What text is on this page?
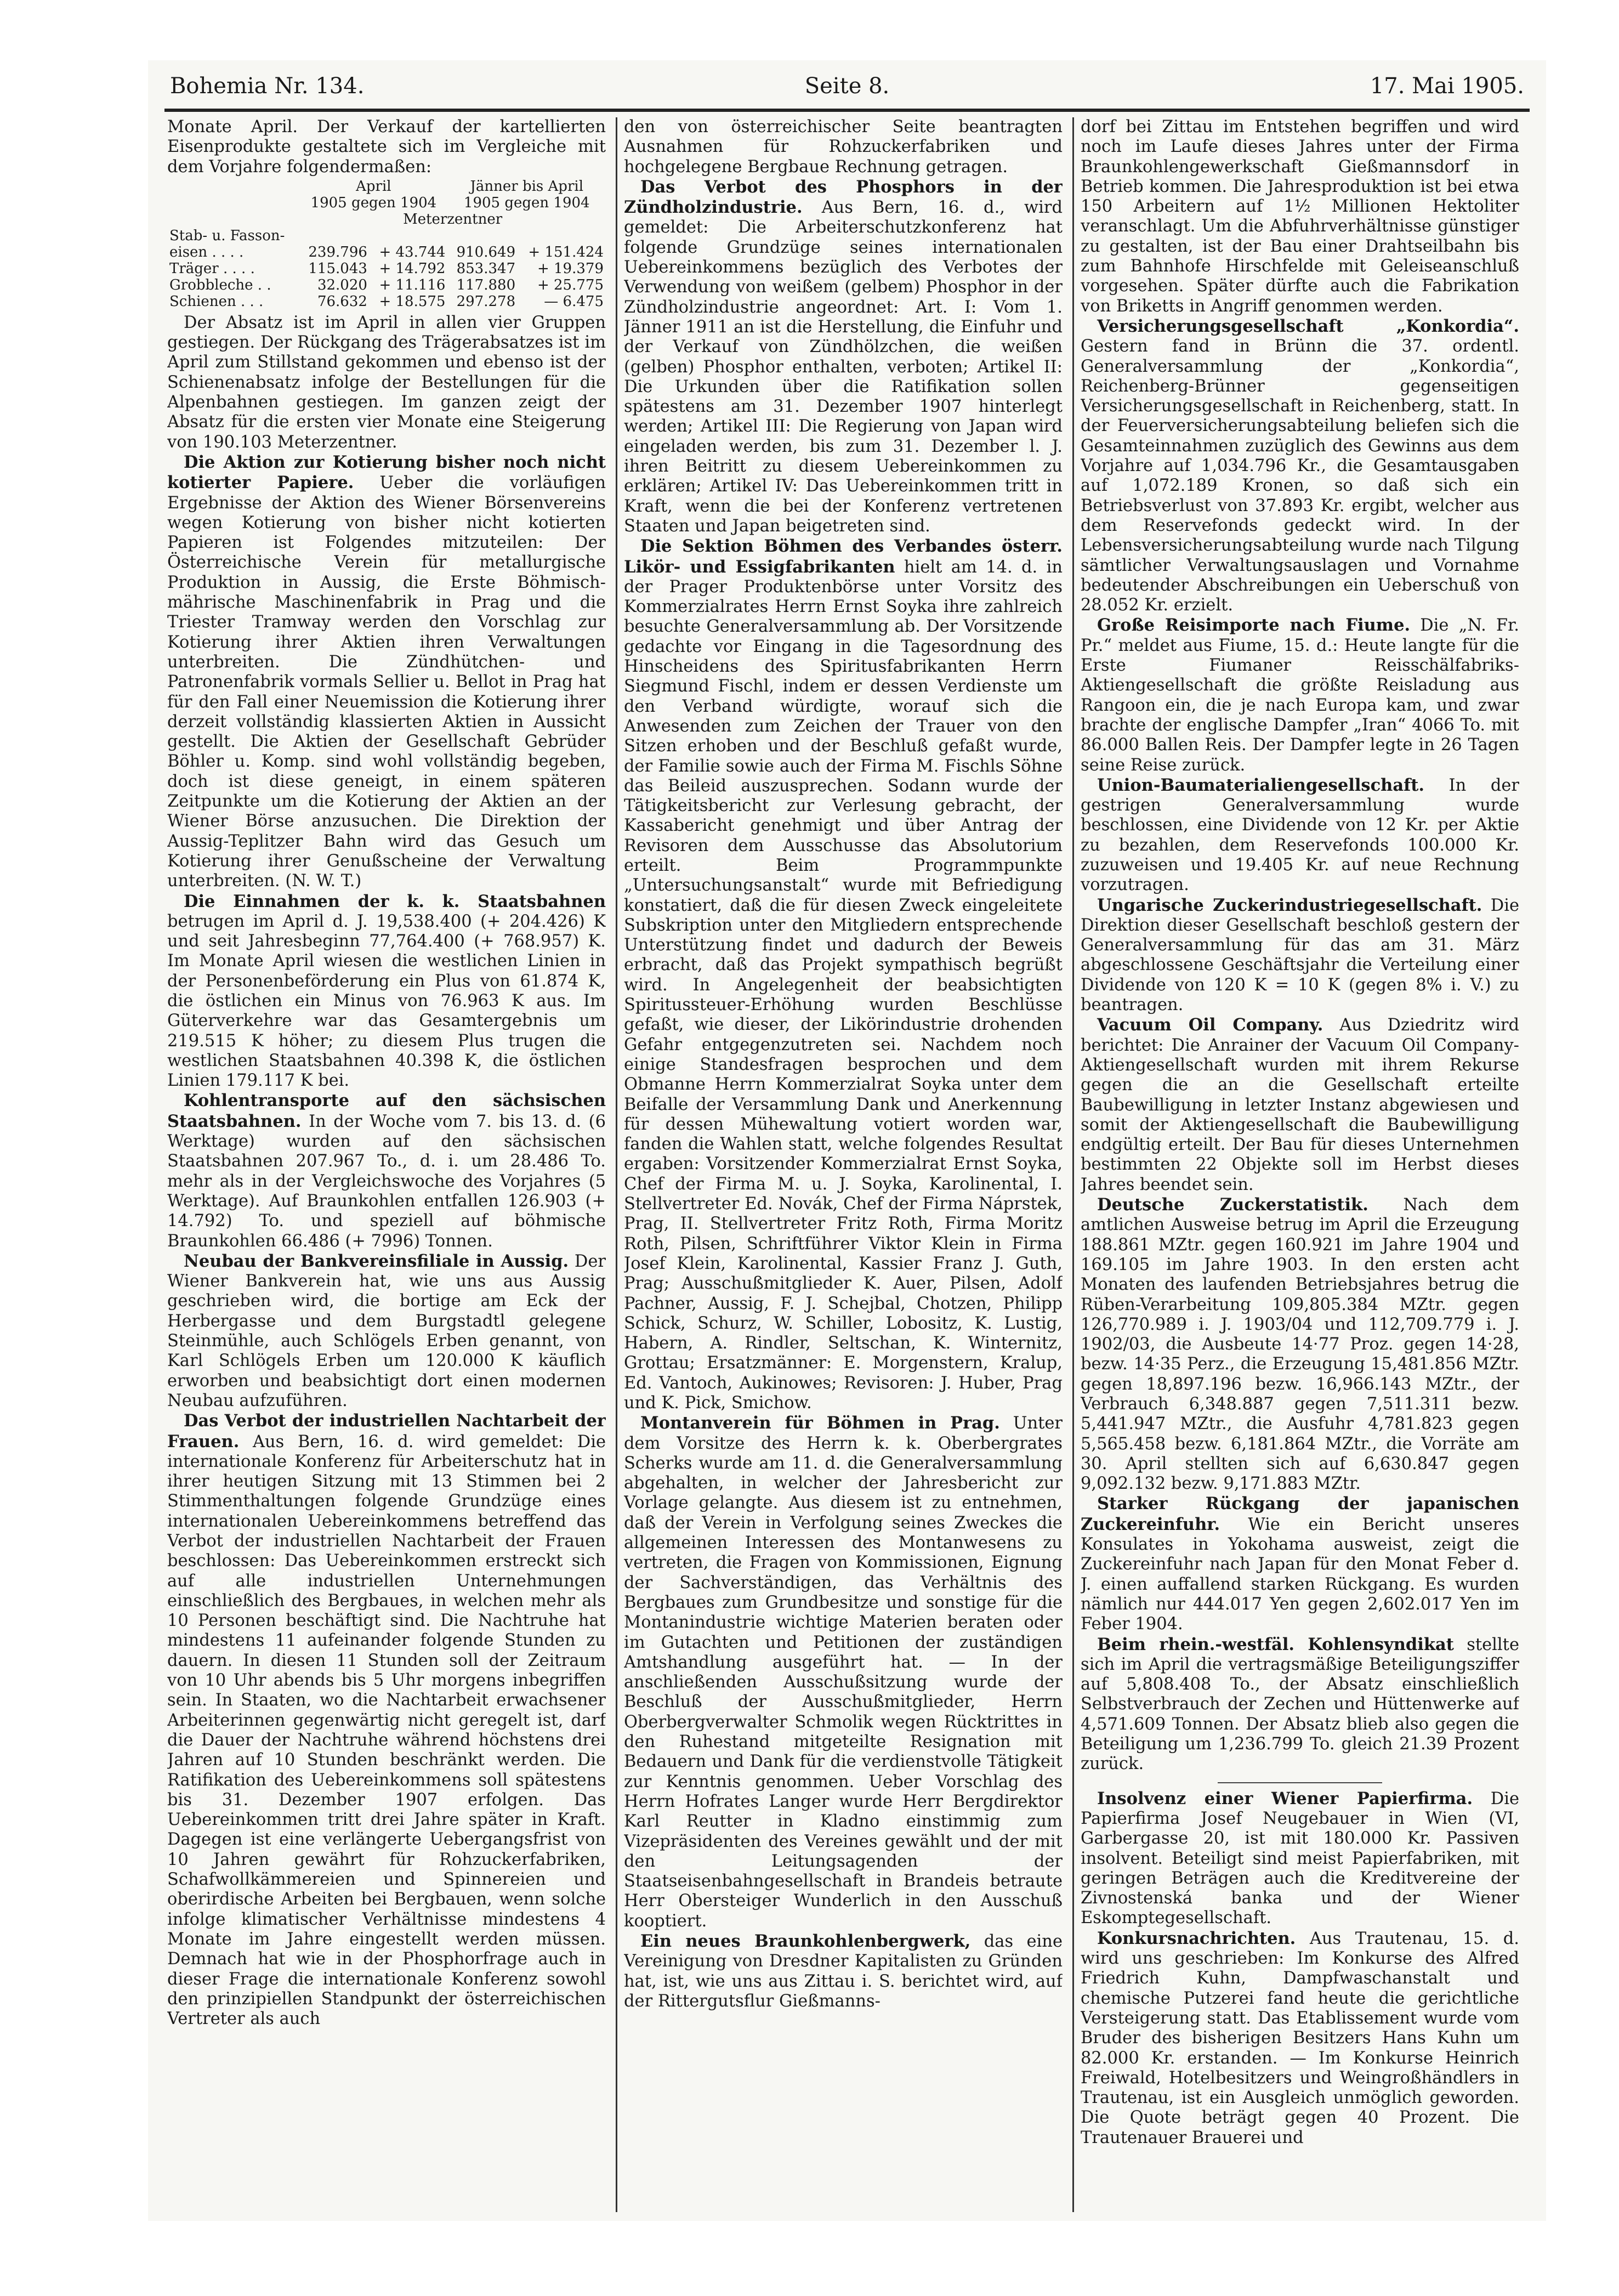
Bohemia Nr. 134.	Seite 8.	17. Mai 1905.

Monate April. Der Verkauf der kartellierten Eisenprodukte gestaltete sich im Vergleiche mit dem Vorjahre folgendermaßen:

	April		Jänner bis April	
	1905 gegen 1904		1905 gegen 1904	
	Meterzentner			
Stab- u. Fasson-				
eisen . . . .	239.796	+ 43.744	910.649	+ 151.424
Träger . . . .	115.043	+ 14.792	853.347	+ 19.379
Grobbleche . .	32.020	+ 11.116	117.880	+ 25.775
Schienen . . .	76.632	+ 18.575	297.278	— 6.475

Der Absatz ist im April in allen vier Gruppen gestiegen. Der Rückgang des Trägerabsatzes ist im April zum Stillstand gekommen und ebenso ist der Schienenabsatz infolge der Bestellungen für die Alpenbahnen gestiegen. Im ganzen zeigt der Absatz für die ersten vier Monate eine Steigerung von 190.103 Meterzentner.

Die Aktion zur Kotierung bisher noch nicht kotierter Papiere. Ueber die vorläufigen Ergebnisse der Aktion des Wiener Börsenvereins wegen Kotierung von bisher nicht kotierten Papieren ist Folgendes mitzuteilen: Der Österreichische Verein für metallurgische Produktion in Aussig, die Erste Böhmisch-mährische Maschinenfabrik in Prag und die Triester Tramway werden den Vorschlag zur Kotierung ihrer Aktien ihren Verwaltungen unterbreiten. Die Zündhütchen- und Patronenfabrik vormals Sellier u. Bellot in Prag hat für den Fall einer Neuemission die Kotierung ihrer derzeit vollständig klassierten Aktien in Aussicht gestellt. Die Aktien der Gesellschaft Gebrüder Böhler u. Komp. sind wohl vollständig begeben, doch ist diese geneigt, in einem späteren Zeitpunkte um die Kotierung der Aktien an der Wiener Börse anzusuchen. Die Direktion der Aussig-Teplitzer Bahn wird das Gesuch um Kotierung ihrer Genußscheine der Verwaltung unterbreiten. (N. W. T.)

Die Einnahmen der k. k. Staatsbahnen betrugen im April d. J. 19,538.400 (+ 204.426) K und seit Jahresbeginn 77,764.400 (+ 768.957) K. Im Monate April wiesen die westlichen Linien in der Personenbeförderung ein Plus von 61.874 K, die östlichen ein Minus von 76.963 K aus. Im Güterverkehre war das Gesamtergebnis um 219.515 K höher; zu diesem Plus trugen die westlichen Staatsbahnen 40.398 K, die östlichen Linien 179.117 K bei.

Kohlentransporte auf den sächsischen Staatsbahnen. In der Woche vom 7. bis 13. d. (6 Werktage) wurden auf den sächsischen Staatsbahnen 207.967 To., d. i. um 28.486 To. mehr als in der Vergleichswoche des Vorjahres (5 Werktage). Auf Braunkohlen entfallen 126.903 (+ 14.792) To. und speziell auf böhmische Braunkohlen 66.486 (+ 7996) Tonnen.

Neubau der Bankvereinsfiliale in Aussig. Der Wiener Bankverein hat, wie uns aus Aussig geschrieben wird, die bortige am Eck der Herbergasse und dem Burgstadtl gelegene Steinmühle, auch Schlögels Erben genannt, von Karl Schlögels Erben um 120.000 K käuflich erworben und beabsichtigt dort einen modernen Neubau aufzuführen.

Das Verbot der industriellen Nachtarbeit der Frauen. Aus Bern, 16. d. wird gemeldet: Die internationale Konferenz für Arbeiterschutz hat in ihrer heutigen Sitzung mit 13 Stimmen bei 2 Stimmenthaltungen folgende Grundzüge eines internationalen Uebereinkommens betreffend das Verbot der industriellen Nachtarbeit der Frauen beschlossen: Das Uebereinkommen erstreckt sich auf alle industriellen Unternehmungen einschließlich des Bergbaues, in welchen mehr als 10 Personen beschäftigt sind. Die Nachtruhe hat mindestens 11 aufeinander folgende Stunden zu dauern. In diesen 11 Stunden soll der Zeitraum von 10 Uhr abends bis 5 Uhr morgens inbegriffen sein. In Staaten, wo die Nachtarbeit erwachsener Arbeiterinnen gegenwärtig nicht geregelt ist, darf die Dauer der Nachtruhe während höchstens drei Jahren auf 10 Stunden beschränkt werden. Die Ratifikation des Uebereinkommens soll spätestens bis 31. Dezember 1907 erfolgen. Das Uebereinkommen tritt drei Jahre später in Kraft. Dagegen ist eine verlängerte Uebergangsfrist von 10 Jahren gewährt für Rohzuckerfabriken, Schafwollkämmereien und Spinnereien und oberirdische Arbeiten bei Bergbauen, wenn solche infolge klimatischer Verhältnisse mindestens 4 Monate im Jahre eingestellt werden müssen. Demnach hat wie in der Phosphorfrage auch in dieser Frage die internationale Konferenz sowohl den prinzipiellen Standpunkt der österreichischen Vertreter als auch

den von österreichischer Seite beantragten Ausnahmen für Rohzuckerfabriken und hochgelegene Bergbaue Rechnung getragen.

Das Verbot des Phosphors in der Zündholzindustrie. Aus Bern, 16. d., wird gemeldet: Die Arbeiterschutzkonferenz hat folgende Grundzüge seines internationalen Uebereinkommens bezüglich des Verbotes der Verwendung von weißem (gelbem) Phosphor in der Zündholzindustrie angeordnet: Art. I: Vom 1. Jänner 1911 an ist die Herstellung, die Einfuhr und der Verkauf von Zündhölzchen, die weißen (gelben) Phosphor enthalten, verboten; Artikel II: Die Urkunden über die Ratifikation sollen spätestens am 31. Dezember 1907 hinterlegt werden; Artikel III: Die Regierung von Japan wird eingeladen werden, bis zum 31. Dezember l. J. ihren Beitritt zu diesem Uebereinkommen zu erklären; Artikel IV: Das Uebereinkommen tritt in Kraft, wenn die bei der Konferenz vertretenen Staaten und Japan beigetreten sind.

Die Sektion Böhmen des Verbandes österr. Likör- und Essigfabrikanten hielt am 14. d. in der Prager Produktenbörse unter Vorsitz des Kommerzialrates Herrn Ernst Soyka ihre zahlreich besuchte Generalversammlung ab. Der Vorsitzende gedachte vor Eingang in die Tagesordnung des Hinscheidens des Spiritusfabrikanten Herrn Siegmund Fischl, indem er dessen Verdienste um den Verband würdigte, worauf sich die Anwesenden zum Zeichen der Trauer von den Sitzen erhoben und der Beschluß gefaßt wurde, der Familie sowie auch der Firma M. Fischls Söhne das Beileid auszusprechen. Sodann wurde der Tätigkeitsbericht zur Verlesung gebracht, der Kassabericht genehmigt und über Antrag der Revisoren dem Ausschusse das Absolutorium erteilt. Beim Programmpunkte „Untersuchungsanstalt“ wurde mit Befriedigung konstatiert, daß die für diesen Zweck eingeleitete Subskription unter den Mitgliedern entsprechende Unterstützung findet und dadurch der Beweis erbracht, daß das Projekt sympathisch begrüßt wird. In Angelegenheit der beabsichtigten Spiritussteuer-Erhöhung wurden Beschlüsse gefaßt, wie dieser, der Likörindustrie drohenden Gefahr entgegenzutreten sei. Nachdem noch einige Standesfragen besprochen und dem Obmanne Herrn Kommerzialrat Soyka unter dem Beifalle der Versammlung Dank und Anerkennung für dessen Mühewaltung votiert worden war, fanden die Wahlen statt, welche folgendes Resultat ergaben: Vorsitzender Kommerzialrat Ernst Soyka, Chef der Firma M. u. J. Soyka, Karolinental, I. Stellvertreter Ed. Novák, Chef der Firma Náprstek, Prag, II. Stellvertreter Fritz Roth, Firma Moritz Roth, Pilsen, Schriftführer Viktor Klein in Firma Josef Klein, Karolinental, Kassier Franz J. Guth, Prag; Ausschußmitglieder K. Auer, Pilsen, Adolf Pachner, Aussig, F. J. Schejbal, Chotzen, Philipp Schick, Schurz, W. Schiller, Lobositz, K. Lustig, Habern, A. Rindler, Seltschan, K. Winternitz, Grottau; Ersatzmänner: E. Morgenstern, Kralup, Ed. Vantoch, Aukinowes; Revisoren: J. Huber, Prag und K. Pick, Smichow.

Montanverein für Böhmen in Prag. Unter dem Vorsitze des Herrn k. k. Oberbergrates Scherks wurde am 11. d. die Generalversammlung abgehalten, in welcher der Jahresbericht zur Vorlage gelangte. Aus diesem ist zu entnehmen, daß der Verein in Verfolgung seines Zweckes die allgemeinen Interessen des Montanwesens zu vertreten, die Fragen von Kommissionen, Eignung der Sachverständigen, das Verhältnis des Bergbaues zum Grundbesitze und sonstige für die Montanindustrie wichtige Materien beraten oder im Gutachten und Petitionen der zuständigen Amtshandlung ausgeführt hat. — In der anschließenden Ausschußsitzung wurde der Beschluß der Ausschußmitglieder, Herrn Oberbergverwalter Schmolik wegen Rücktrittes in den Ruhestand mitgeteilte Resignation mit Bedauern und Dank für die verdienstvolle Tätigkeit zur Kenntnis genommen. Ueber Vorschlag des Herrn Hofrates Langer wurde Herr Bergdirektor Karl Reutter in Kladno einstimmig zum Vizepräsidenten des Vereines gewählt und der mit den Leitungsagenden der Staatseisenbahngesellschaft in Brandeis betraute Herr Obersteiger Wunderlich in den Ausschuß kooptiert.

Ein neues Braunkohlenbergwerk, das eine Vereinigung von Dresdner Kapitalisten zu Gründen hat, ist, wie uns aus Zittau i. S. berichtet wird, auf der Rittergutsflur Gießmanns-

dorf bei Zittau im Entstehen begriffen und wird noch im Laufe dieses Jahres unter der Firma Braunkohlengewerkschaft Gießmannsdorf in Betrieb kommen. Die Jahresproduktion ist bei etwa 150 Arbeitern auf 1½ Millionen Hektoliter veranschlagt. Um die Abfuhrverhältnisse günstiger zu gestalten, ist der Bau einer Drahtseilbahn bis zum Bahnhofe Hirschfelde mit Geleiseanschluß vorgesehen. Später dürfte auch die Fabrikation von Briketts in Angriff genommen werden.

Versicherungsgesellschaft „Konkordia“. Gestern fand in Brünn die 37. ordentl. Generalversammlung der „Konkordia“, Reichenberg-Brünner gegenseitigen Versicherungsgesellschaft in Reichenberg, statt. In der Feuerversicherungsabteilung beliefen sich die Gesamteinnahmen zuzüglich des Gewinns aus dem Vorjahre auf 1,034.796 Kr., die Gesamtausgaben auf 1,072.189 Kronen, so daß sich ein Betriebsverlust von 37.893 Kr. ergibt, welcher aus dem Reservefonds gedeckt wird. In der Lebensversicherungsabteilung wurde nach Tilgung sämtlicher Verwaltungsauslagen und Vornahme bedeutender Abschreibungen ein Ueberschuß von 28.052 Kr. erzielt.

Große Reisimporte nach Fiume. Die „N. Fr. Pr.“ meldet aus Fiume, 15. d.: Heute langte für die Erste Fiumaner Reisschälfabriks-Aktiengesellschaft die größte Reisladung aus Rangoon ein, die je nach Europa kam, und zwar brachte der englische Dampfer „Iran“ 4066 To. mit 86.000 Ballen Reis. Der Dampfer legte in 26 Tagen seine Reise zurück.

Union-Baumaterialiengesellschaft. In der gestrigen Generalversammlung wurde beschlossen, eine Dividende von 12 Kr. per Aktie zu bezahlen, dem Reservefonds 100.000 Kr. zuzuweisen und 19.405 Kr. auf neue Rechnung vorzutragen.

Ungarische Zuckerindustriegesellschaft. Die Direktion dieser Gesellschaft beschloß gestern der Generalversammlung für das am 31. März abgeschlossene Geschäftsjahr die Verteilung einer Dividende von 120 K = 10 K (gegen 8% i. V.) zu beantragen.

Vacuum Oil Company. Aus Dziedritz wird berichtet: Die Anrainer der Vacuum Oil Company-Aktiengesellschaft wurden mit ihrem Rekurse gegen die an die Gesellschaft erteilte Baubewilligung in letzter Instanz abgewiesen und somit der Aktiengesellschaft die Baubewilligung endgültig erteilt. Der Bau für dieses Unternehmen bestimmten 22 Objekte soll im Herbst dieses Jahres beendet sein.

Deutsche Zuckerstatistik. Nach dem amtlichen Ausweise betrug im April die Erzeugung 188.861 MZtr. gegen 160.921 im Jahre 1904 und 169.105 im Jahre 1903. In den ersten acht Monaten des laufenden Betriebsjahres betrug die Rüben-Verarbeitung 109,805.384 MZtr. gegen 126,770.989 i. J. 1903/04 und 112,709.779 i. J. 1902/03, die Ausbeute 14·77 Proz. gegen 14·28, bezw. 14·35 Perz., die Erzeugung 15,481.856 MZtr. gegen 18,897.196 bezw. 16,966.143 MZtr., der Verbrauch 6,348.887 gegen 7,511.311 bezw. 5,441.947 MZtr., die Ausfuhr 4,781.823 gegen 5,565.458 bezw. 6,181.864 MZtr., die Vorräte am 30. April stellten sich auf 6,630.847 gegen 9,092.132 bezw. 9,171.883 MZtr.

Starker Rückgang der japanischen Zuckereinfuhr. Wie ein Bericht unseres Konsulates in Yokohama ausweist, zeigt die Zuckereinfuhr nach Japan für den Monat Feber d. J. einen auffallend starken Rückgang. Es wurden nämlich nur 444.017 Yen gegen 2,602.017 Yen im Feber 1904.

Beim rhein.-westfäl. Kohlensyndikat stellte sich im April die vertragsmäßige Beteiligungsziffer auf 5,808.408 To., der Absatz einschließlich Selbstverbrauch der Zechen und Hüttenwerke auf 4,571.609 Tonnen. Der Absatz blieb also gegen die Beteiligung um 1,236.799 To. gleich 21.39 Prozent zurück.

Insolvenz einer Wiener Papierfirma. Die Papierfirma Josef Neugebauer in Wien (VI, Garbergasse 20, ist mit 180.000 Kr. Passiven insolvent. Beteiligt sind meist Papierfabriken, mit geringen Beträgen auch die Kreditvereine der Zivnostenská banka und der Wiener Eskomptegesellschaft.

Konkursnachrichten. Aus Trautenau, 15. d. wird uns geschrieben: Im Konkurse des Alfred Friedrich Kuhn, Dampfwaschanstalt und chemische Putzerei fand heute die gerichtliche Versteigerung statt. Das Etablissement wurde vom Bruder des bisherigen Besitzers Hans Kuhn um 82.000 Kr. erstanden. — Im Konkurse Heinrich Freiwald, Hotelbesitzers und Weingroßhändlers in Trautenau, ist ein Ausgleich unmöglich geworden. Die Quote beträgt gegen 40 Prozent. Die Trautenauer Brauerei und
